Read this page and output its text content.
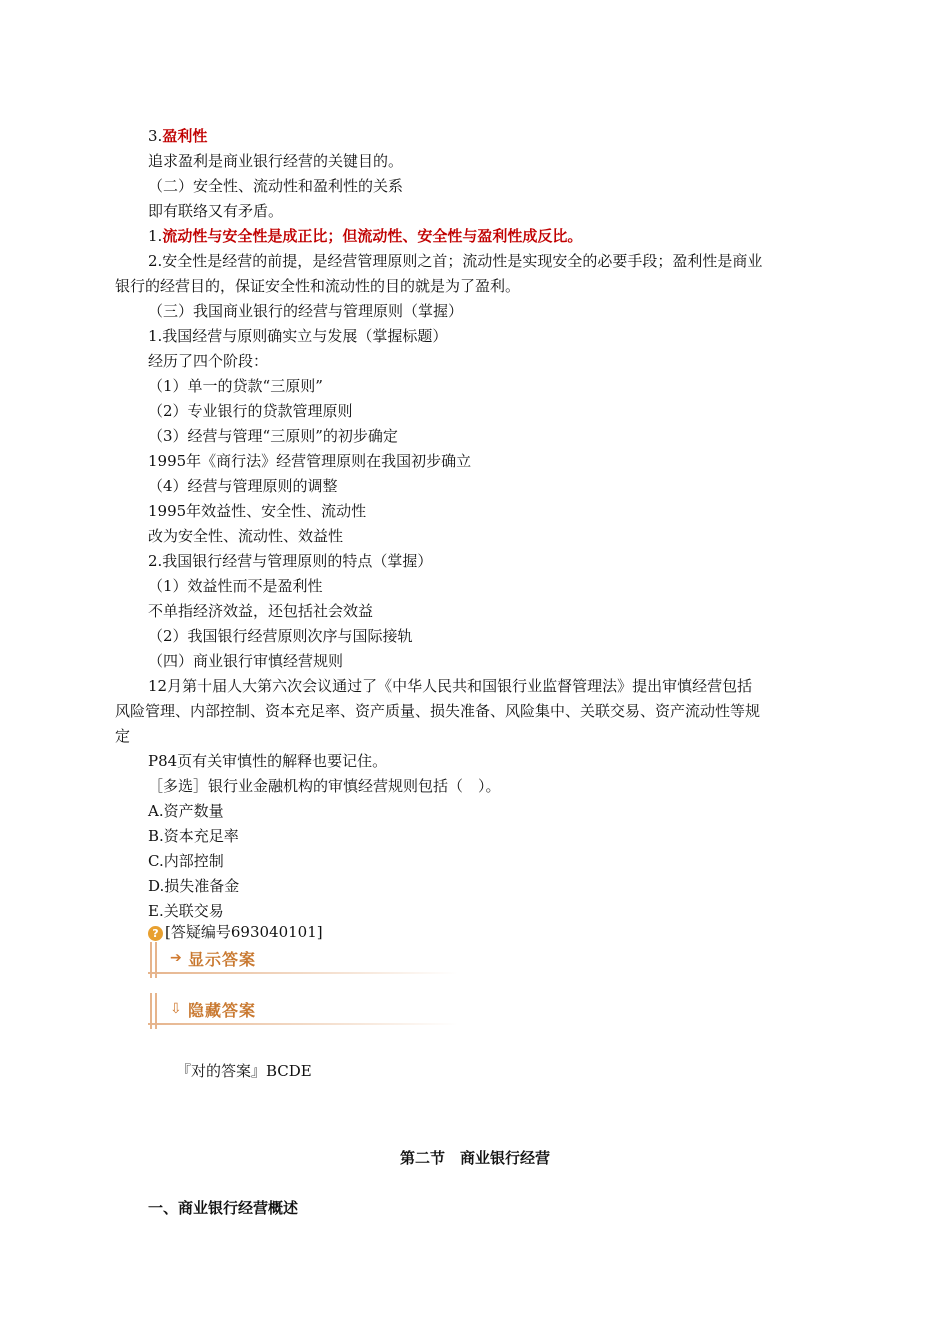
3.盈利性
追求盈利是商业银行经营的关键目的。
（二）安全性、流动性和盈利性的关系
即有联络又有矛盾。
1.流动性与安全性是成正比；但流动性、安全性与盈利性成反比。
2.安全性是经营的前提，是经营管理原则之首；流动性是实现安全的必要手段；盈利性是商业
银行的经营目的，保证安全性和流动性的目的就是为了盈利。
（三）我国商业银行的经营与管理原则（掌握）
1.我国经营与原则确实立与发展（掌握标题）
经历了四个阶段：
（1）单一的贷款“三原则”
（2）专业银行的贷款管理原则
（3）经营与管理“三原则”的初步确定
1995年《商行法》经营管理原则在我国初步确立
（4）经营与管理原则的调整
1995年效益性、安全性、流动性
改为安全性、流动性、效益性
2.我国银行经营与管理原则的特点（掌握）
（1）效益性而不是盈利性
不单指经济效益，还包括社会效益
（2）我国银行经营原则次序与国际接轨
（四）商业银行审慎经营规则
12月第十届人大第六次会议通过了《中华人民共和国银行业监督管理法》提出审慎经营包括
风险管理、内部控制、资本充足率、资产质量、损失准备、风险集中、关联交易、资产流动性等规
定
P84页有关审慎性的解释也要记住。
［多选］银行业金融机构的审慎经营规则包括（　）。
A.资产数量
B.资本充足率
C.内部控制
D.损失准备金
E.关联交易
? [答疑编号693040101]
➔ 显示答案
⇩ 隐藏答案
『对的答案』BCDE
第二节　商业银行经营
一、商业银行经营概述
